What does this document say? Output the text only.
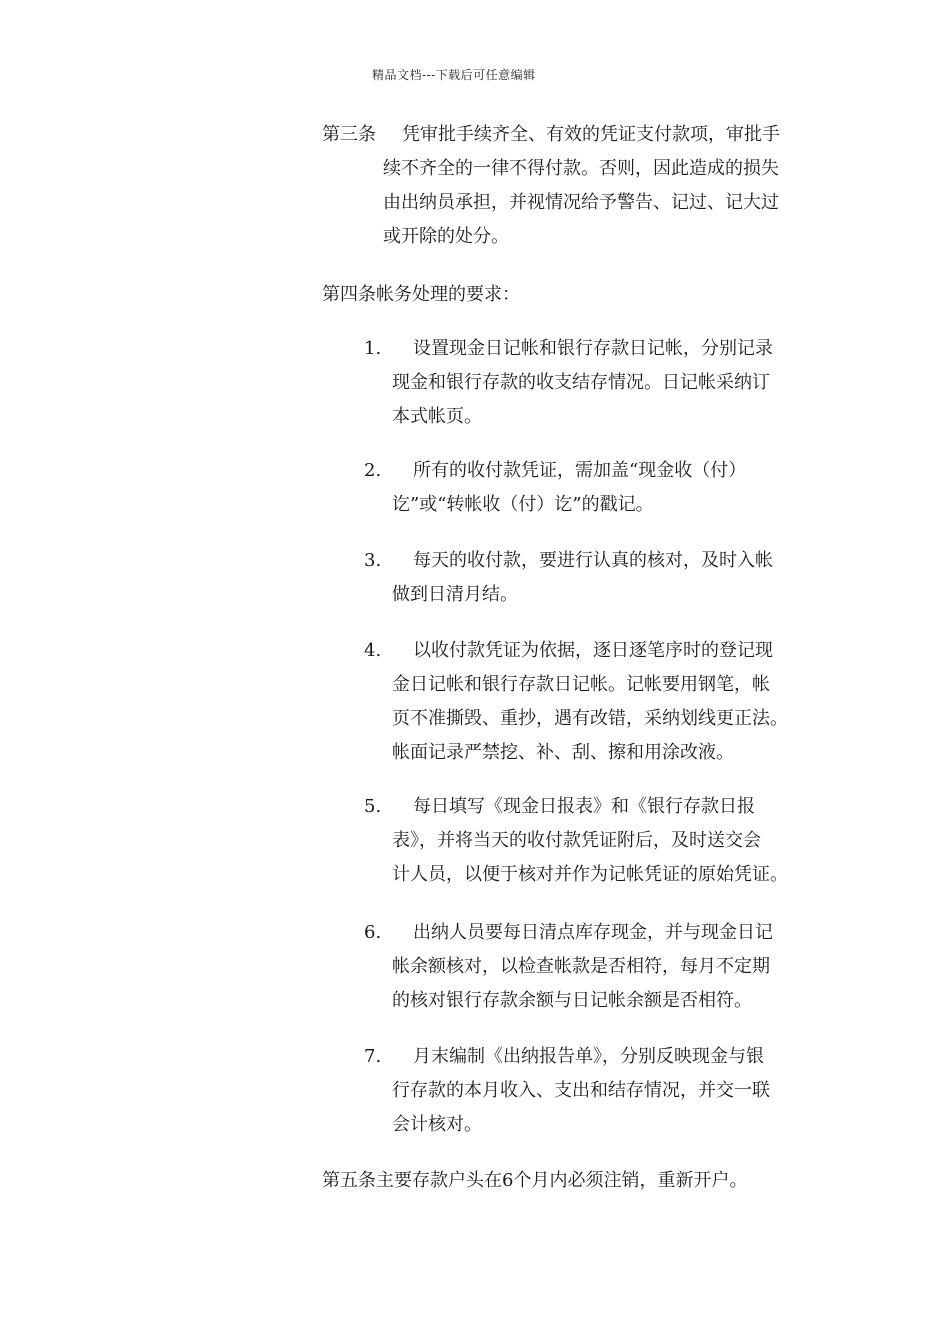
精品文档---下载后可任意编辑
第三条	凭审批手续齐全、有效的凭证支付款项，审批手
续不齐全的一律不得付款。否则，因此造成的损失
由出纳员承担，并视情况给予警告、记过、记大过
或开除的处分。
第四条帐务处理的要求：
1.	设置现金日记帐和银行存款日记帐，分别记录
现金和银行存款的收支结存情况。日记帐采纳订
本式帐页。
2.	所有的收付款凭证，需加盖“现金收（付）
讫”或“转帐收（付）讫”的戳记。
3.	每天的收付款，要进行认真的核对，及时入帐
做到日清月结。
4.	以收付款凭证为依据，逐日逐笔序时的登记现
金日记帐和银行存款日记帐。记帐要用钢笔，帐
页不准撕毁、重抄，遇有改错，采纳划线更正法。
帐面记录严禁挖、补、刮、擦和用涂改液。
5.	每日填写《现金日报表》和《银行存款日报
表》，并将当天的收付款凭证附后，及时送交会
计人员，以便于核对并作为记帐凭证的原始凭证。
6.	出纳人员要每日清点库存现金，并与现金日记
帐余额核对，以检查帐款是否相符，每月不定期
的核对银行存款余额与日记帐余额是否相符。
7.	月末编制《出纳报告单》，分别反映现金与银
行存款的本月收入、支出和结存情况，并交一联
会计核对。
第五条主要存款户头在6个月内必须注销，重新开户。
